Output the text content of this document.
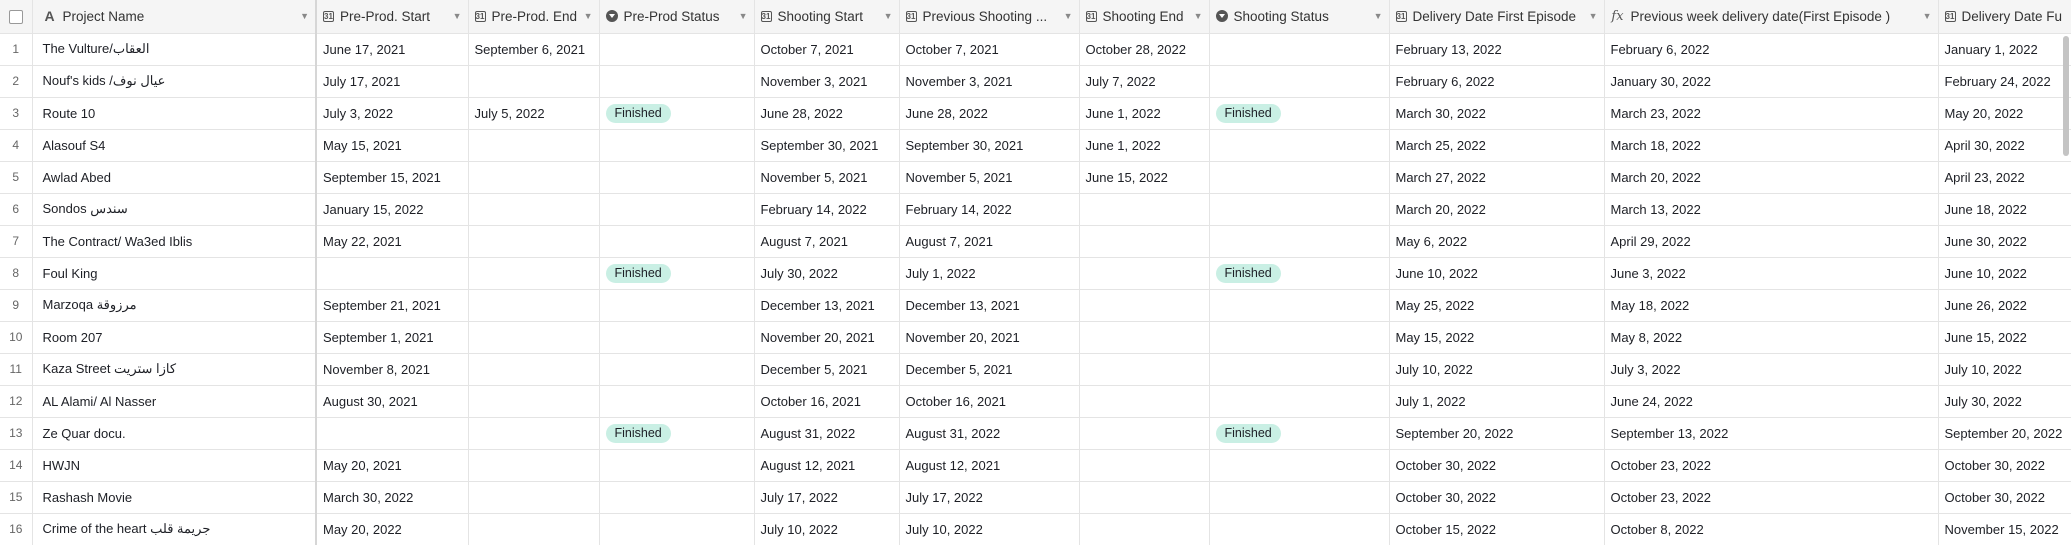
A Project Name ▼	31 Pre-Prod. Start ▼	31 Pre-Prod. End ▼	Pre-Prod Status ▼	31 Shooting Start ▼	31 Previous Shooting ... ▼	31 Shooting End ▼	Shooting Status ▼	31 Delivery Date First Episode ▼	fx Previous week delivery date(First Episode ) ▼	31 Delivery Date Fu

1	The Vulture/العقاب	June 17, 2021	September 6, 2021		October 7, 2021	October 7, 2021	October 28, 2022		February 13, 2022	February 6, 2022	January 1, 2022
2	Nouf's kids /عيال نوف	July 17, 2021			November 3, 2021	November 3, 2021	July 7, 2022		February 6, 2022	January 30, 2022	February 24, 2022
3	Route 10	July 3, 2022	July 5, 2022	Finished	June 28, 2022	June 28, 2022	June 1, 2022	Finished	March 30, 2022	March 23, 2022	May 20, 2022
4	Alasouf S4	May 15, 2021			September 30, 2021	September 30, 2021	June 1, 2022		March 25, 2022	March 18, 2022	April 30, 2022
5	Awlad Abed	September 15, 2021			November 5, 2021	November 5, 2021	June 15, 2022		March 27, 2022	March 20, 2022	April 23, 2022
6	Sondos سندس	January 15, 2022			February 14, 2022	February 14, 2022			March 20, 2022	March 13, 2022	June 18, 2022
7	The Contract/ Wa3ed Iblis	May 22, 2021			August 7, 2021	August 7, 2021			May 6, 2022	April 29, 2022	June 30, 2022
8	Foul King			Finished	July 30, 2022	July 1, 2022		Finished	June 10, 2022	June 3, 2022	June 10, 2022
9	Marzoqa مرزوقة	September 21, 2021			December 13, 2021	December 13, 2021			May 25, 2022	May 18, 2022	June 26, 2022
10	Room 207	September 1, 2021			November 20, 2021	November 20, 2021			May 15, 2022	May 8, 2022	June 15, 2022
11	Kaza Street كازا ستريت	November 8, 2021			December 5, 2021	December 5, 2021			July 10, 2022	July 3, 2022	July 10, 2022
12	AL Alami/ Al Nasser	August 30, 2021			October 16, 2021	October 16, 2021			July 1, 2022	June 24, 2022	July 30, 2022
13	Ze Quar docu.			Finished	August 31, 2022	August 31, 2022		Finished	September 20, 2022	September 13, 2022	September 20, 2022
14	HWJN	May 20, 2021			August 12, 2021	August 12, 2021			October 30, 2022	October 23, 2022	October 30, 2022
15	Rashash Movie	March 30, 2022			July 17, 2022	July 17, 2022			October 30, 2022	October 23, 2022	October 30, 2022
16	Crime of the heart جريمة قلب	May 20, 2022			July 10, 2022	July 10, 2022			October 15, 2022	October 8, 2022	November 15, 2022
